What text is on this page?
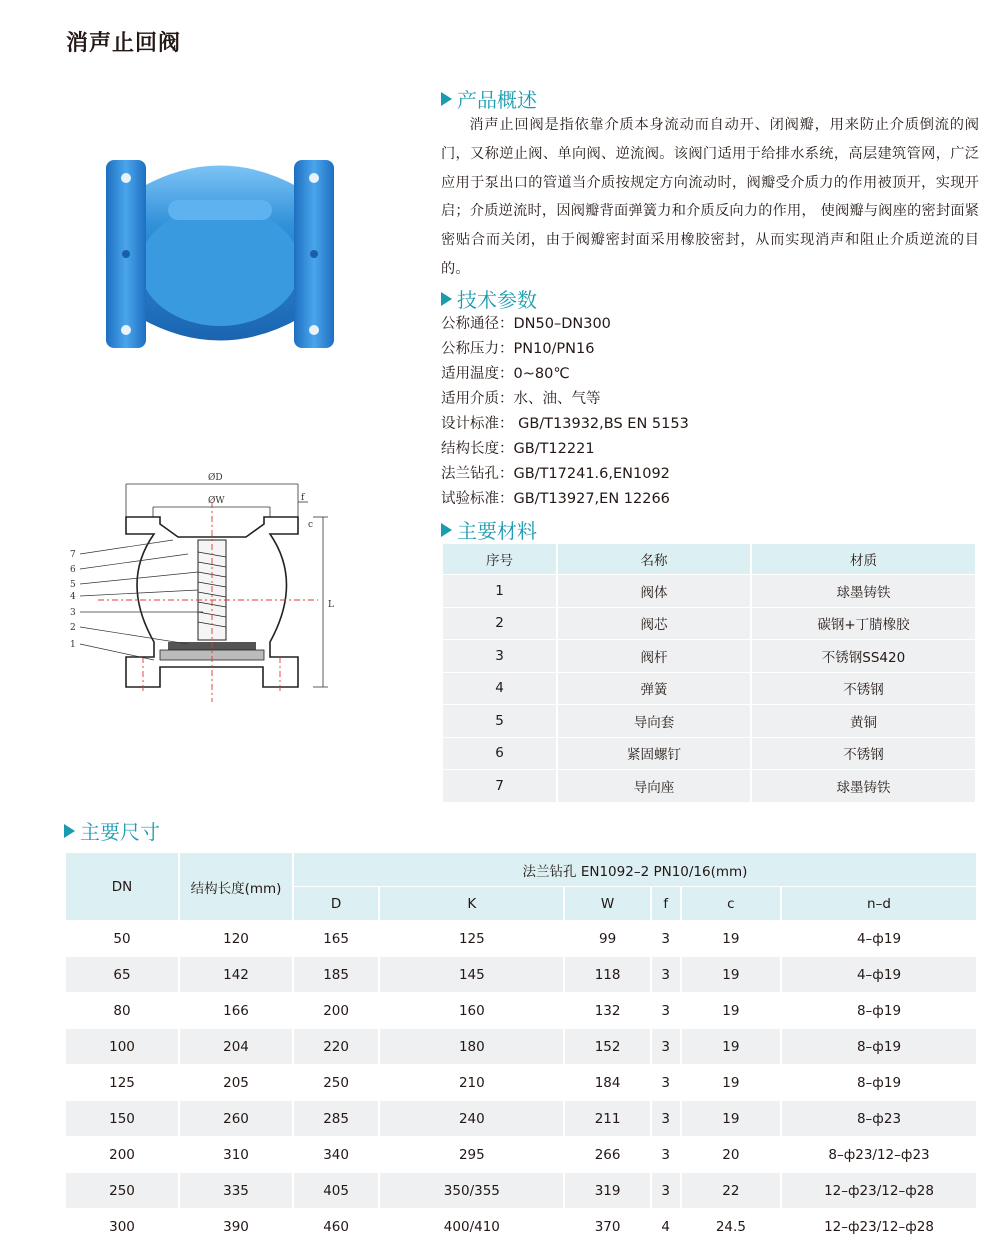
消声止回阀
产品概述
消声止回阀是指依靠介质本身流动而自动开、闭阀瓣，用来防止介质倒流的阀门，又称逆止阀、单向阀、逆流阀。该阀门适用于给排水系统，高层建筑管网，广泛应用于泵出口的管道当介质按规定方向流动时，阀瓣受介质力的作用被顶开，实现开启；介质逆流时，因阀瓣背面弹簧力和介质反向力的作用， 使阀瓣与阀座的密封面紧密贴合而关闭，由于阀瓣密封面采用橡胶密封，从而实现消声和阻止介质逆流的目的。
技术参数
公称通径： DN50–DN300
公称压力： PN10/PN16
适用温度： 0~80℃
适用介质： 水、油、气等
设计标准： GB/T13932,BS EN 5153
结构长度： GB/T12221
法兰钻孔： GB/T17241.6,EN1092
试验标准： GB/T13927,EN 12266
7
6
5
4
3
2
1
ØD
ØW	f
c
L
主要材料
序号	名称	材质
1	阀体	球墨铸铁
2	阀芯	碳钢+丁腈橡胶
3	阀杆	不锈钢SS420
4	弹簧	不锈钢
5	导向套	黄铜
6	紧固螺钉	不锈钢
7	导向座	球墨铸铁
主要尺寸
DN	结构长度(mm)	法兰钻孔 EN1092–2 PN10/16(mm)					
		D	K	W	f	c	n–d
50	120	165	125	99	3	19	4–ф19
65	142	185	145	118	3	19	4–ф19
80	166	200	160	132	3	19	8–ф19
100	204	220	180	152	3	19	8–ф19
125	205	250	210	184	3	19	8–ф19
150	260	285	240	211	3	19	8–ф23
200	310	340	295	266	3	20	8–ф23/12–ф23
250	335	405	350/355	319	3	22	12–ф23/12–ф28
300	390	460	400/410	370	4	24.5	12–ф23/12–ф28
